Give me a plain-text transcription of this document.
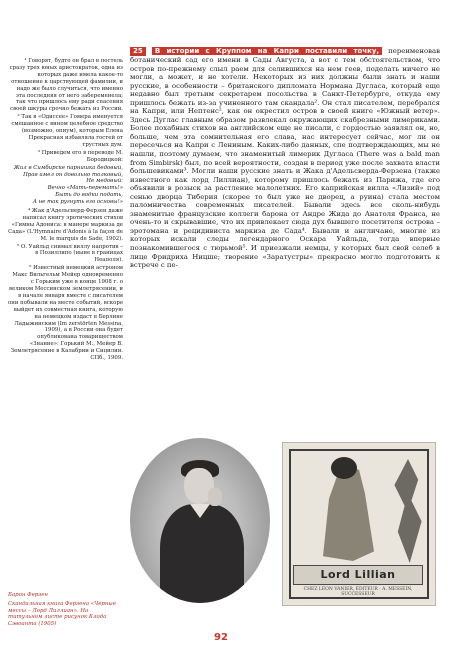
¹ Говорят, будто он брал в постель сразу трех юных аристократок, одна из которых даже имела какое-то отношение к царствующей фамилии, и надо же было случиться, что именно эта последняя от него забеременела; так что пришлось ему ради спасения своей шкуры срочно бежать из России.

² Так в «Одиссее» Гомера именуется смешанное с вином целебное средство (возможно, опиум), которым Елена Прекрасная избавляла гостей от грустных дум.

³ Приведем его в переводе М. Бородицкой:

Жил в Симбирске парнишка бедовый,
Прав имел он довольно толковый,
Не медовый:
Вечно «Мать-перемать!»
Быть до водки подать,
А не так ругнуть его основы!»

⁴ Жак д'Адельсверд-Ферзен даже написал книгу эротических стихов «Гимны Адониса: в манере маркиза де Сада» (L'Hymnaire d'Adonis à la façon de M. le marquis de Sade, 1902).

⁵ О. Уайльд снимал виллу напротив – в Позиллипо (ныне в границах Неаполя).

⁶ Известный немецкий астроном Макс Вильгельм Мейер одновременно с Горьким уже в конце 1908 г. о великом Мессинском землетрясении, и в начале января вместе с писателем они побывали на месте событий, вскоре выйдет их совместная книга, которую на немецком издаст в Берлине Ладыжинским (Im zerstörten Messina, 1909), а в России она будет опубликована товариществом «Знание»: Горький М., Мейер В. Землетрясение в Калабрии и Сицилии. СПб., 1909.

Барон Ферзен
Скандальная книга Ферзена «Черные мессы – Лорд Лиллиан». На титульном листе рисунок Клода Сэвоанта (1905)

25 В истории с Круппом на Капри поставили точку, переименовав ботанический сад его имени в Сады Августа, а вот с тем обстоятельством, что остров по-прежнему слыл раем для селившихся на нем геев, поделать ничего не могли, а может, и не хотели. Некоторых из них должны были знать и наши русские, в особенности – британского дипломата Нормана Дугласа, который еще недавно был третьим секретарем посольства в Санкт-Петербурге, откуда ему пришлось бежать из-за учиненного там скандала². Он стал писателем, перебрался на Капри, или Нептенс², как он окрестил остров в своей книге «Южный ветер». Здесь Дуглас главным образом развлекал окружающих скабрезными лимериками. Более похабных стихов на английском еще не писали, с гордостью заявлял он, но, больше, чем эта сомнительная его слава, нас интересует сейчас, мог ли он пересечься на Капри с Лениным. Каких-либо данных, спе подтверждающих, мы не нашли, поэтому думаем, что знаменитый лимерик Дугласа (There was a bald man from Simbirsk) был, по всей вероятности, создан в период уже после захвата власти большевиками³. Могли наши русские знать и Жака д'Адельсверда-Ферзена (также известного как лорд Лиллиан), которому пришлось бежать из Парижа, где его объявили в розыск за растление малолетних. Его каприйская вилла «Лизий» под сенью дворца Тиберия (скорее то был уже не дворец, а руина) стала местом паломничества современных писателей. Бывали здесь все сколь-нибудь знаменитые французские коллеги барона от Андре Жида до Анатоля Франса, не очень-то и скрывавшие, что их привлекает сюда дух бывшего посетителя острова – эротомана и рецидивиста маркиза де Сада⁴. Бывали и англичане, многие из которых искали следы легендарного Оскара Уайльда, тогда впервые познакомившегося с тюрьмой⁵. И приезжали немцы, у которых был свой селеб в лице Фридриха Ницше; творение «Заратустры» прекрасно могло подготовить к встрече с пе-

Lord Lillian
CHEZ LÉON VANIER, ÉDITEUR · A. MESSEIN, SUCCESSEUR
92
